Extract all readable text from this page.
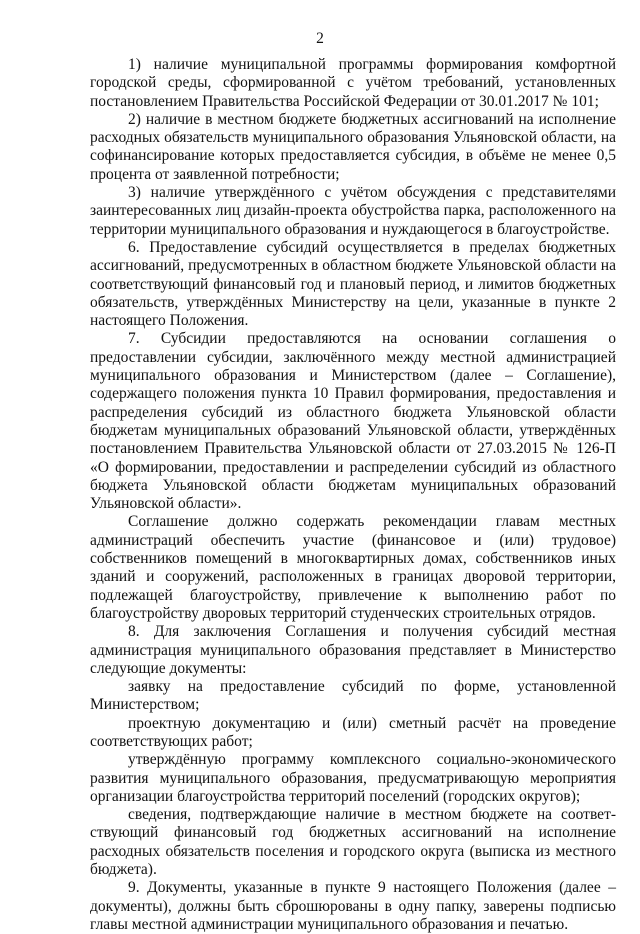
2

1) наличие муниципальной программы формирования комфортной городской среды, сформированной с учётом требований, установленных постановлением Правительства Российской Федерации от 30.01.2017 № 101;

2) наличие в местном бюджете бюджетных ассигнований на исполнение расходных обязательств муниципального образования Ульяновской области, на софинансирование которых предоставляется субсидия, в объёме не менее 0,5 процента от заявленной потребности;

3) наличие утверждённого с учётом обсуждения с представителями заинтересованных лиц дизайн-проекта обустройства парка, расположенного на территории муниципального образования и нуждающегося в благоустройстве.

6. Предоставление субсидий осуществляется в пределах бюджетных ассигнований, предусмотренных в областном бюджете Ульяновской области на соответствующий финансовый год и плановый период, и лимитов бюджетных обязательств, утверждённых Министерству на цели, указанные в пункте 2 настоящего Положения.

7. Субсидии предоставляются на основании соглашения о предоставлении субсидии, заключённого между местной администрацией муниципального образования и Министерством (далее – Соглашение), содержащего положения пункта 10 Правил формирования, предоставления и распределения субсидий из областного бюджета Ульяновской области бюджетам муниципальных образований Ульяновской области, утверждённых постановлением Правительства Ульяновской области от 27.03.2015 № 126-П «О формировании, предоставлении и распределении субсидий из областного бюджета Ульяновской области бюджетам муниципальных образований Ульяновской области».

Соглашение должно содержать рекомендации главам местных администраций обеспечить участие (финансовое и (или) трудовое) собственников помещений в многоквартирных домах, собственников иных зданий и сооружений, расположенных в границах дворовой территории, подлежащей благоустройству, привлечение к выполнению работ по благоустройству дворовых территорий студенческих строительных отрядов.

8. Для заключения Соглашения и получения субсидий местная администрация муниципального образования представляет в Министерство следующие документы:

заявку на предоставление субсидий по форме, установленной Министерством;

проектную документацию и (или) сметный расчёт на проведение соответствующих работ;

утверждённую программу комплексного социально-экономического развития муниципального образования, предусматривающую мероприятия организации благоустройства территорий поселений (городских округов);

сведения, подтверждающие наличие в местном бюджете на соответ-ствующий финансовый год бюджетных ассигнований на исполнение расходных обязательств поселения и городского округа (выписка из местного бюджета).

9. Документы, указанные в пункте 9 настоящего Положения (далее – документы), должны быть сброшюрованы в одну папку, заверены подписью главы местной администрации муниципального образования и печатью.
